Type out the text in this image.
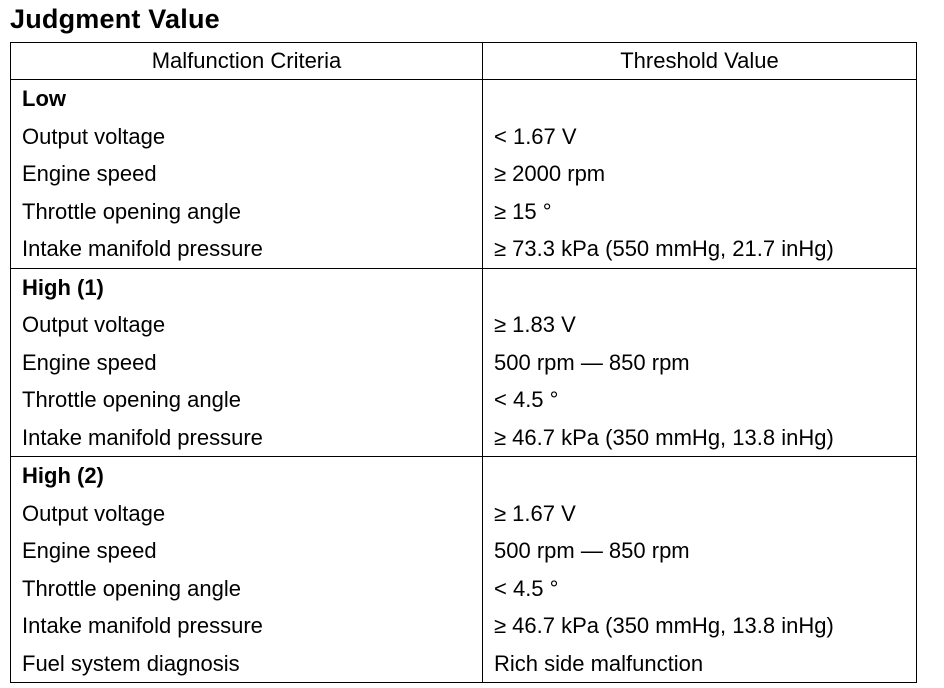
Judgment Value
Malfunction Criteria	Threshold Value
Low	
Output voltage	< 1.67 V
Engine speed	≥ 2000 rpm
Throttle opening angle	≥ 15 °
Intake manifold pressure	≥ 73.3 kPa (550 mmHg, 21.7 inHg)
High (1)	
Output voltage	≥ 1.83 V
Engine speed	500 rpm — 850 rpm
Throttle opening angle	< 4.5 °
Intake manifold pressure	≥ 46.7 kPa (350 mmHg, 13.8 inHg)
High (2)	
Output voltage	≥ 1.67 V
Engine speed	500 rpm — 850 rpm
Throttle opening angle	< 4.5 °
Intake manifold pressure	≥ 46.7 kPa (350 mmHg, 13.8 inHg)
Fuel system diagnosis	Rich side malfunction
